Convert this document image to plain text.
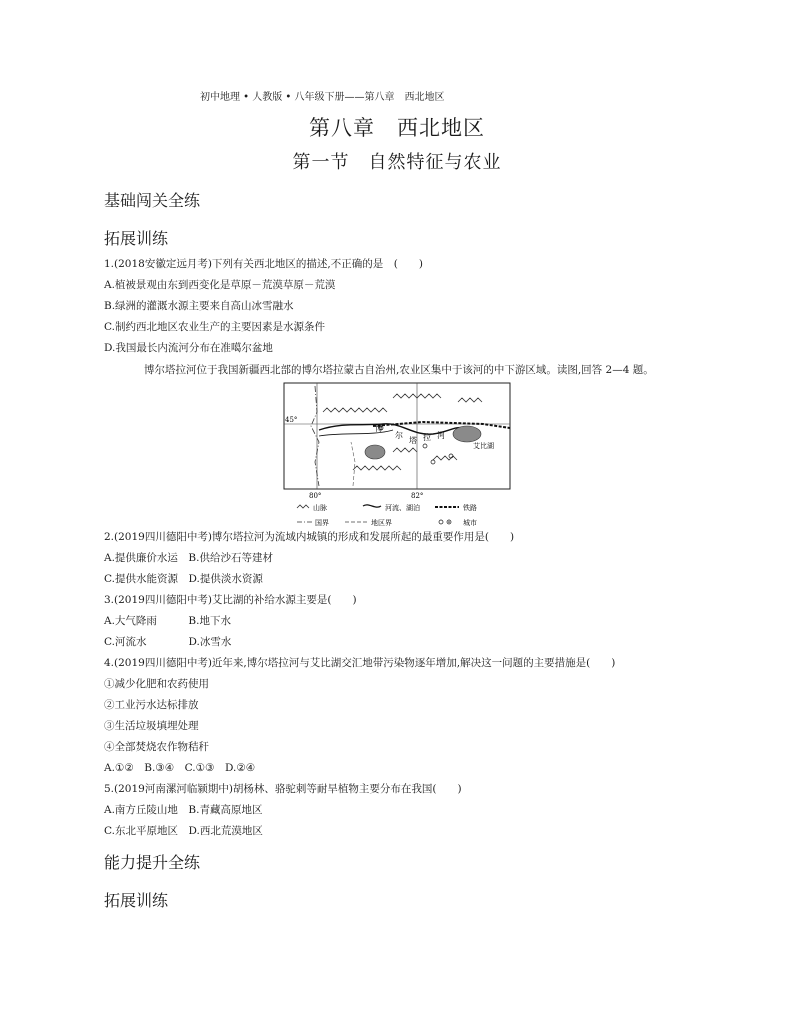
初中地理 • 人教版 • 八年级下册——第八章　西北地区
第八章　西北地区
第一节　自然特征与农业
基础闯关全练
拓展训练
1.(2018安徽定远月考)下列有关西北地区的描述,不正确的是　(　　)
A.植被景观由东到西变化是草原－荒漠草原－荒漠
B.绿洲的灌溉水源主要来自高山冰雪融水
C.制约西北地区农业生产的主要因素是水源条件
D.我国最长内流河分布在准噶尔盆地
博尔塔拉河位于我国新疆西北部的博尔塔拉蒙古自治州,农业区集中于该河的中下游区域。读图,回答 2—4 题。
45°
博
尔
塔 拉 河
艾比湖
80°	82°
山脉	河流、湖泊	铁路
国界	地区界	城市
2.(2019四川德阳中考)博尔塔拉河为流域内城镇的形成和发展所起的最重要作用是(　　)
A.提供廉价水运　B.供给沙石等建材
C.提供水能资源　D.提供淡水资源
3.(2019四川德阳中考)艾比湖的补给水源主要是(　　)
A.大气降雨　　　B.地下水
C.河流水　　　　D.冰雪水
4.(2019四川德阳中考)近年来,博尔塔拉河与艾比湖交汇地带污染物逐年增加,解决这一问题的主要措施是(　　)
①减少化肥和农药使用
②工业污水达标排放
③生活垃圾填埋处理
④全部焚烧农作物秸秆
A.①②　B.③④　C.①③　D.②④
5.(2019河南漯河临颍期中)胡杨林、骆驼刺等耐旱植物主要分布在我国(　　)
A.南方丘陵山地　B.青藏高原地区
C.东北平原地区　D.西北荒漠地区
能力提升全练
拓展训练
